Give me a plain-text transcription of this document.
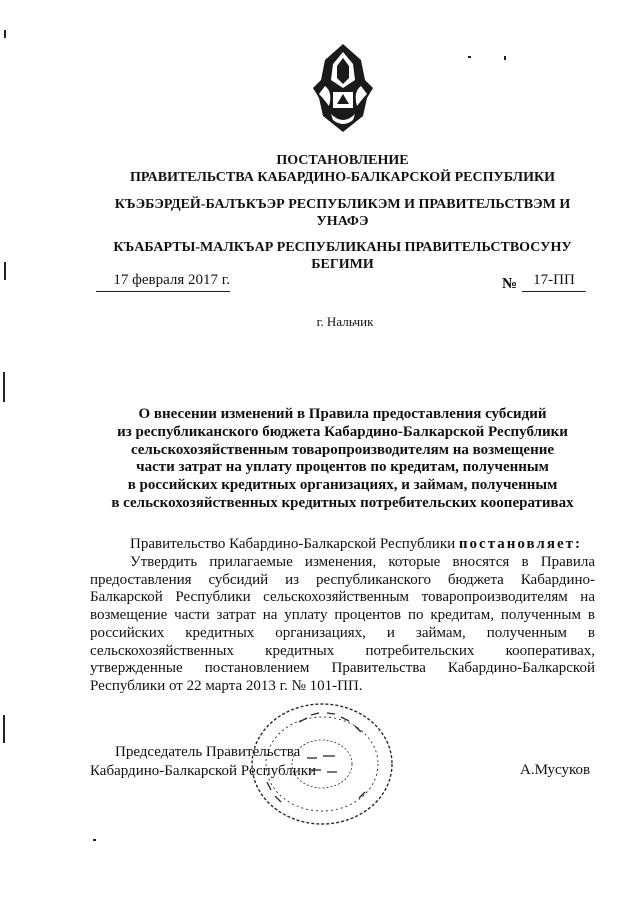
ПОСТАНОВЛЕНИЕ
ПРАВИТЕЛЬСТВА КАБАРДИНО-БАЛКАРСКОЙ РЕСПУБЛИКИ
КЪЭБЭРДЕЙ-БАЛЪКЪЭР РЕСПУБЛИКЭМ И ПРАВИТЕЛЬСТВЭМ И
УНАФЭ
КЪАБАРТЫ-МАЛКЪАР РЕСПУБЛИКАНЫ ПРАВИТЕЛЬСТВОСУНУ
БЕГИМИ
17 февраля 2017 г.	№	17-ПП
г. Нальчик
О внесении изменений в Правила предоставления субсидий
из республиканского бюджета Кабардино-Балкарской Республики
сельскохозяйственным товаропроизводителям на возмещение
части затрат на уплату процентов по кредитам, полученным
в российских кредитных организациях, и займам, полученным
в сельскохозяйственных кредитных потребительских кооперативах
Правительство Кабардино-Балкарской Республики постановляет:
Утвердить прилагаемые изменения, которые вносятся в Правила предоставления субсидий из республиканского бюджета Кабардино-Балкарской Республики сельскохозяйственным товаропроизводителям на возмещение части затрат на уплату процентов по кредитам, полученным в российских кредитных организациях, и займам, полученным в сельскохозяйственных кредитных потребительских кооперативах, утвержденные постановлением Правительства Кабардино-Балкарской Республики от 22 марта 2013 г. № 101-ПП.
Председатель Правительства
Кабардино-Балкарской Республики	А.Мусуков
